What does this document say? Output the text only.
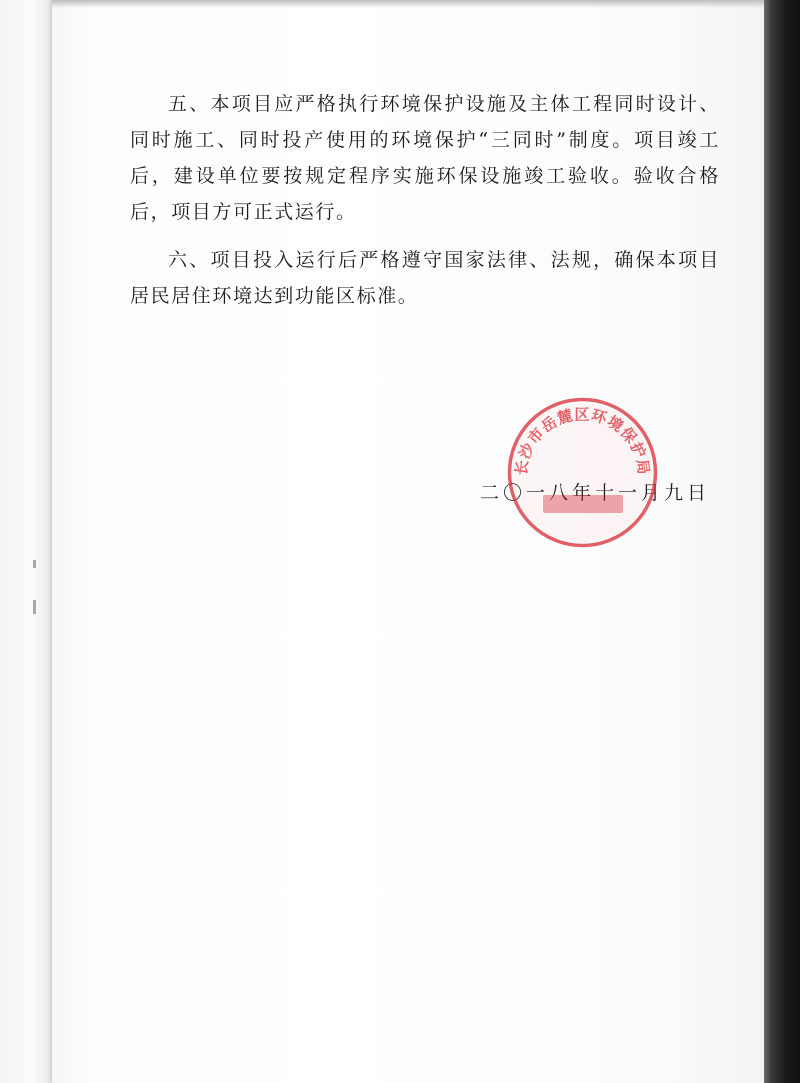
五、本项目应严格执行环境保护设施及主体工程同时设计、同时施工、同时投产使用的环境保护“三同时”制度。项目竣工后，建设单位要按规定程序实施环保设施竣工验收。验收合格后，项目方可正式运行。

六、项目投入运行后严格遵守国家法律、法规，确保本项目居民居住环境达到功能区标准。

二〇一八年十一月九日
长沙市岳麓区环境保护局
